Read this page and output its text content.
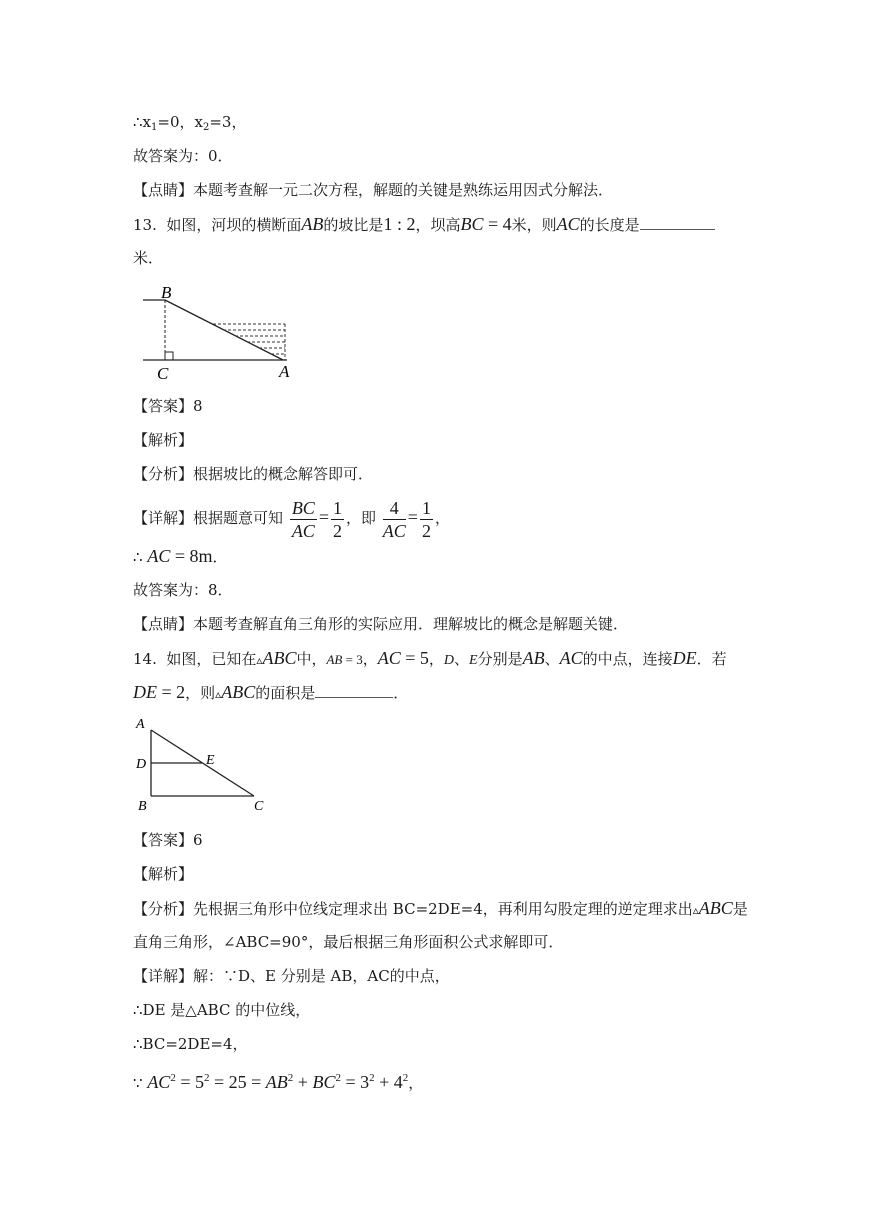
$\therefore x_1=0$，$x_2=3$，
故答案为：0．
【点睛】本题考查解一元二次方程，解题的关键是熟练运用因式分解法．
13. 如图，河坝的横断面AB的坡比是1 : 2，坝高BC = 4米，则AC的长度是
米．
B
C	A
【答案】8
【解析】
【分析】根据坡比的概念解答即可．
【详解】根据题意可知 $\frac{BC}{AC} = \frac{1}{2}$ ，即 $\frac{4}{AC} = \frac{1}{2}$ ，
∴ AC = 8m．
故答案为：8．
【点睛】本题考查解直角三角形的实际应用．理解坡比的概念是解题关键．
14. 如图，已知在▵ABC中，AB = 3，AC = 5，D、E分别是AB、AC的中点，连接DE．若
DE = 2，则▵ABC的面积是	．
A
D	E
B	C
【答案】6
【解析】
【分析】先根据三角形中位线定理求出 BC=2DE=4，再利用勾股定理的逆定理求出▵ABC是
直角三角形，∠ABC=90°，最后根据三角形面积公式求解即可．
【详解】解：∵D、E 分别是 AB，AC的中点，
∴DE 是△ABC 的中位线，
∴BC=2DE=4，
∵ $AC^2 = 5^2 = 25 = AB^2 + BC^2 = 3^2 + 4^2$，
